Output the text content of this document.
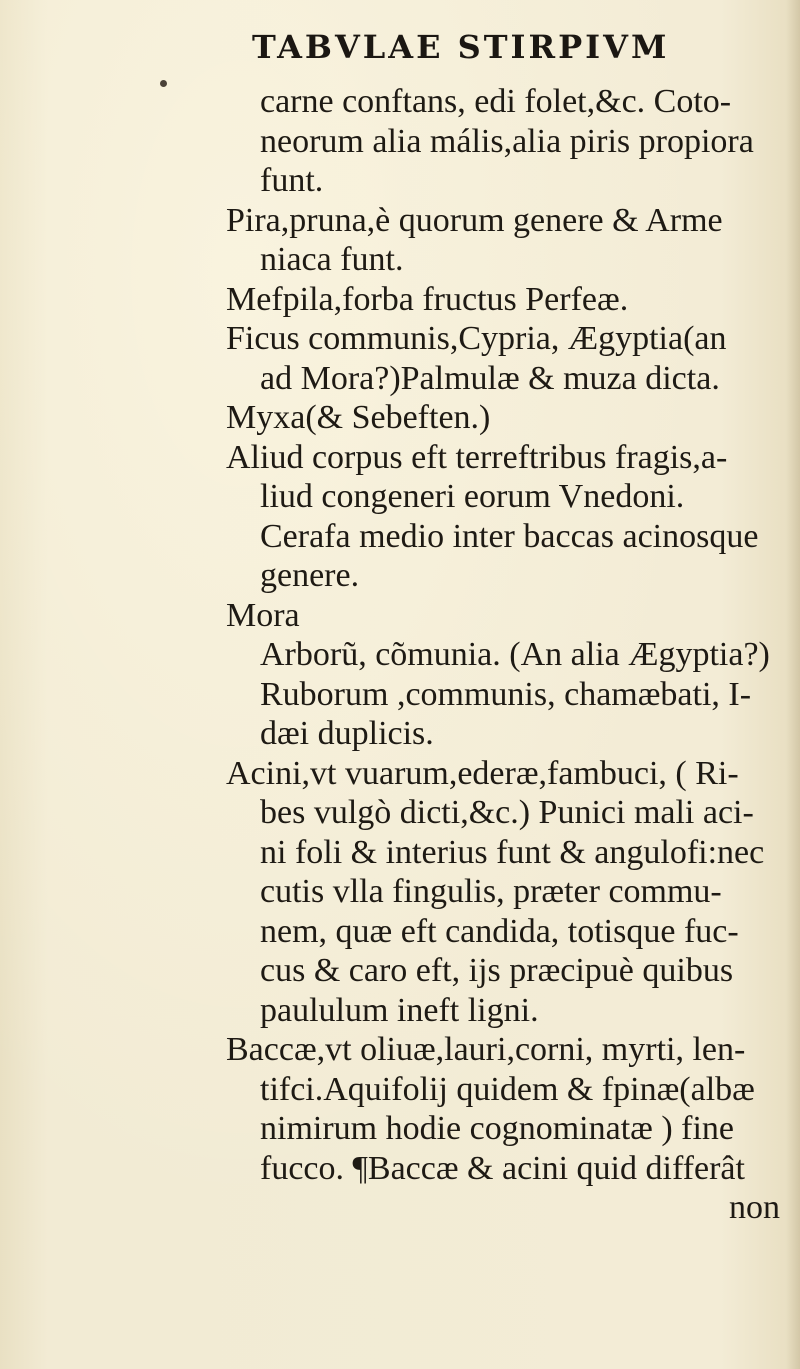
TABVLAE STIRPIVM
carne conftans, edi folet,&c. Coto-
neorum alia mális,alia piris propiora
funt.
Pira,pruna,è quorum genere & Arme
niaca funt.
Mefpila,forba fructus Perfeæ.
Ficus communis,Cypria, Ægyptia(an
ad Mora?)Palmulæ & muza dicta.
Myxa(& Sebeften.)
Aliud corpus eft terreftribus fragis,a-
liud congeneri eorum Vnedoni.
Cerafa medio inter baccas acinosque
genere.
Mora
Arborũ, cõmunia. (An alia Ægyptia?)
Ruborum ,communis, chamæbati, I-
dæi duplicis.
Acini,vt vuarum,ederæ,fambuci, ( Ri-
bes vulgò dicti,&c.) Punici mali aci-
ni foli & interius funt & angulofi:nec
cutis vlla fingulis, præter commu-
nem, quæ eft candida, totisque fuc-
cus & caro eft, ijs præcipuè quibus
paululum ineft ligni.
Baccæ,vt oliuæ,lauri,corni, myrti, len-
tifci.Aquifolij quidem & fpinæ(albæ
nimirum hodie cognominatæ ) fine
fucco. ¶Baccæ & acini quid differât
non
